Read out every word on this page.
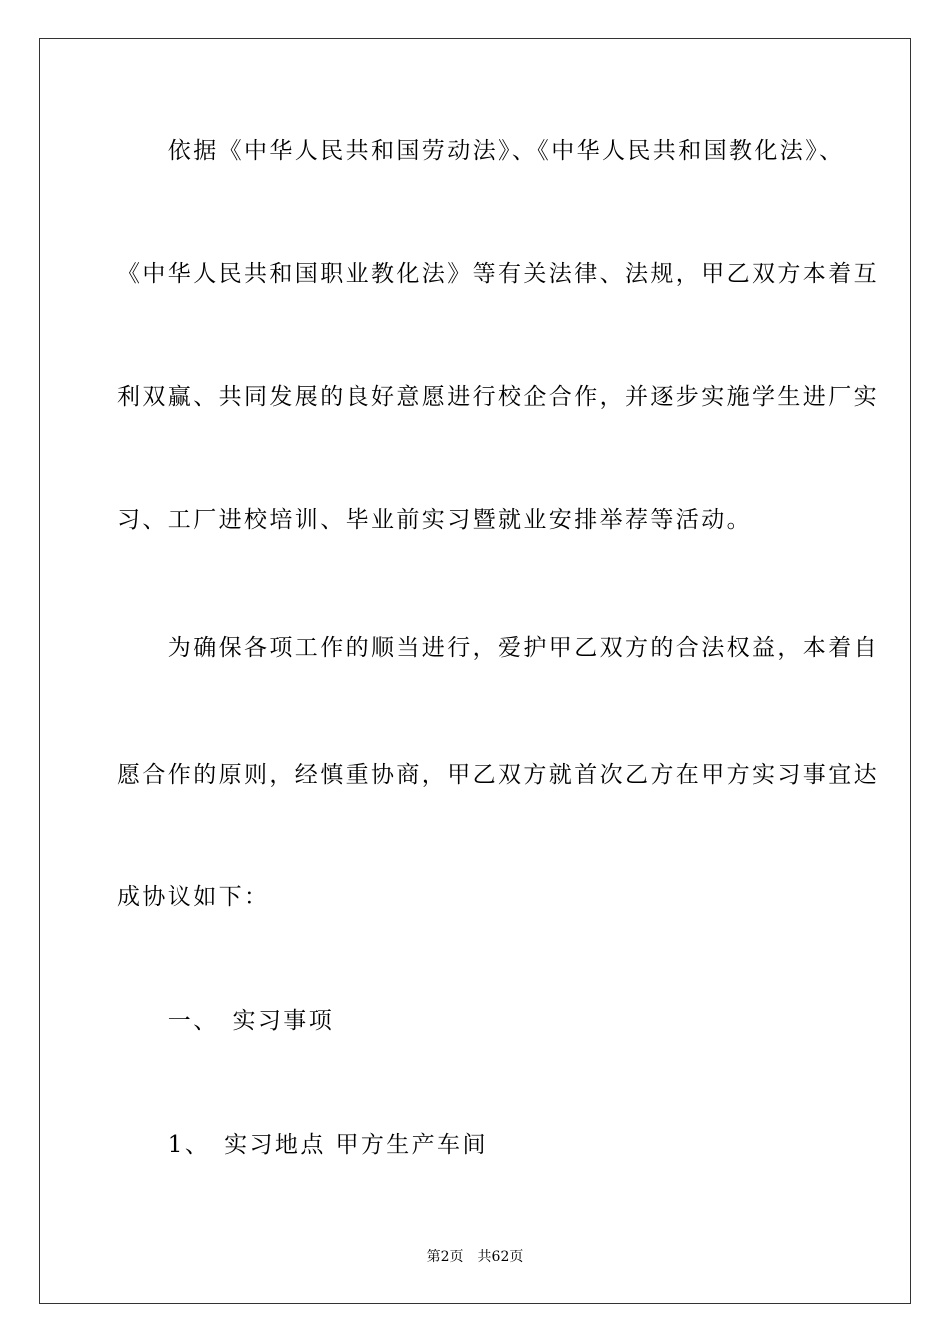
　　依据《中华人民共和国劳动法》、《中华人民共和国教化法》、
《中华人民共和国职业教化法》等有关法律、法规，甲乙双方本着互
利双赢、共同发展的良好意愿进行校企合作，并逐步实施学生进厂实
习、工厂进校培训、毕业前实习暨就业安排举荐等活动。
　　为确保各项工作的顺当进行，爱护甲乙双方的合法权益，本着自
愿合作的原则，经慎重协商，甲乙双方就首次乙方在甲方实习事宜达
成协议如下：
　　一、　实习事项
　　1、　实习地点 甲方生产车间
第2页　共62页
